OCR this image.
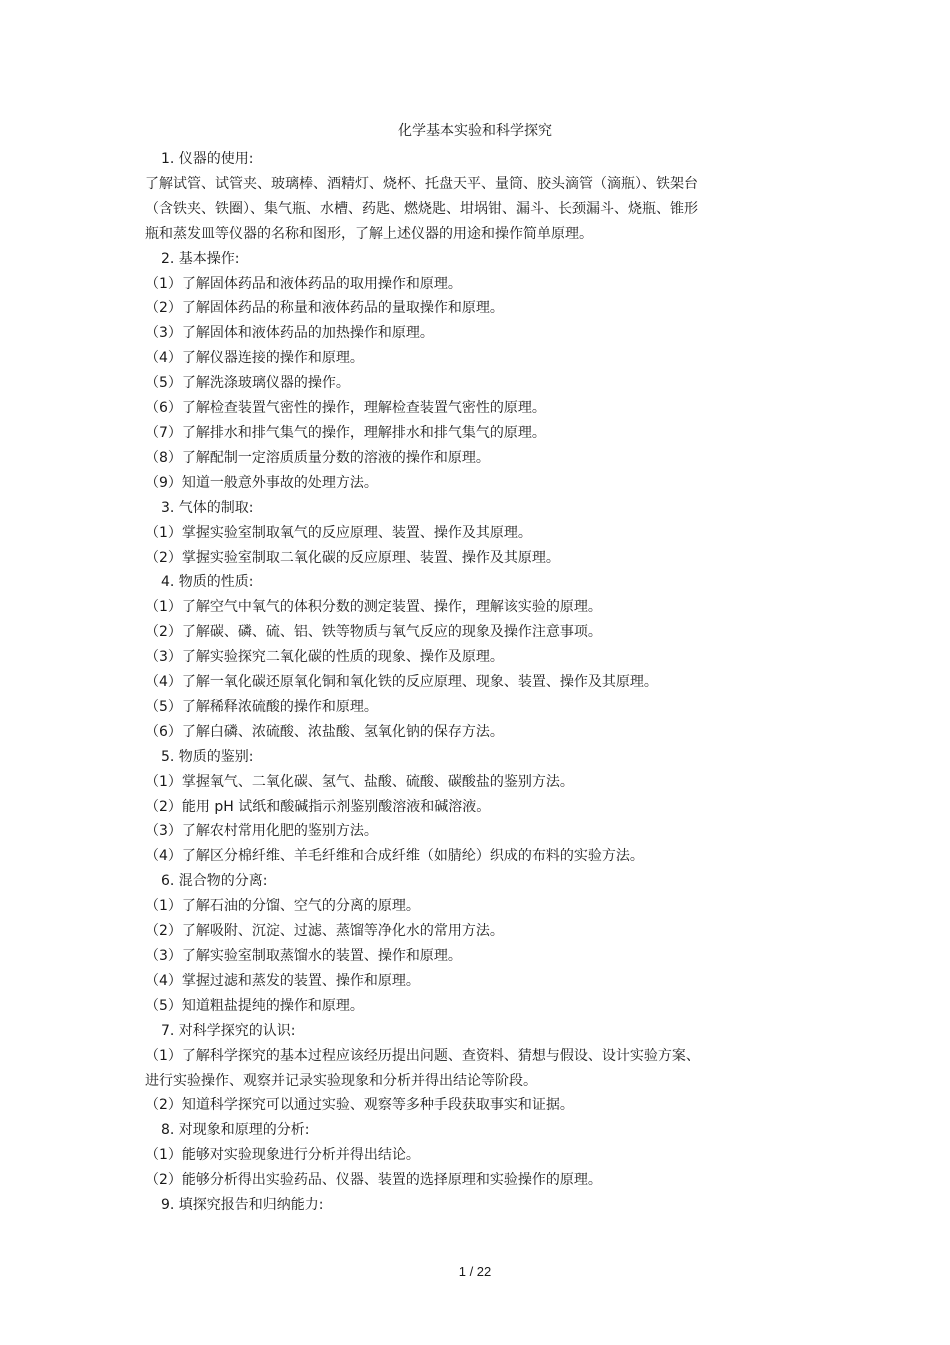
化学基本实验和科学探究
1. 仪器的使用:
了解试管、试管夹、玻璃棒、酒精灯、烧杯、托盘天平、量筒、胶头滴管（滴瓶）、铁架台
（含铁夹、铁圈）、集气瓶、水槽、药匙、燃烧匙、坩埚钳、漏斗、长颈漏斗、烧瓶、锥形
瓶和蒸发皿等仪器的名称和图形，了解上述仪器的用途和操作简单原理。
2. 基本操作:
（1）了解固体药品和液体药品的取用操作和原理。
（2）了解固体药品的称量和液体药品的量取操作和原理。
（3）了解固体和液体药品的加热操作和原理。
（4）了解仪器连接的操作和原理。
（5）了解洗涤玻璃仪器的操作。
（6）了解检查装置气密性的操作，理解检查装置气密性的原理。
（7）了解排水和排气集气的操作，理解排水和排气集气的原理。
（8）了解配制一定溶质质量分数的溶液的操作和原理。
（9）知道一般意外事故的处理方法。
3. 气体的制取:
（1）掌握实验室制取氧气的反应原理、装置、操作及其原理。
（2）掌握实验室制取二氧化碳的反应原理、装置、操作及其原理。
4. 物质的性质:
（1）了解空气中氧气的体积分数的测定装置、操作，理解该实验的原理。
（2）了解碳、磷、硫、铝、铁等物质与氧气反应的现象及操作注意事项。
（3）了解实验探究二氧化碳的性质的现象、操作及原理。
（4）了解一氧化碳还原氧化铜和氧化铁的反应原理、现象、装置、操作及其原理。
（5）了解稀释浓硫酸的操作和原理。
（6）了解白磷、浓硫酸、浓盐酸、氢氧化钠的保存方法。
5. 物质的鉴别:
（1）掌握氧气、二氧化碳、氢气、盐酸、硫酸、碳酸盐的鉴别方法。
（2）能用 pH 试纸和酸碱指示剂鉴别酸溶液和碱溶液。
（3）了解农村常用化肥的鉴别方法。
（4）了解区分棉纤维、羊毛纤维和合成纤维（如腈纶）织成的布料的实验方法。
6. 混合物的分离:
（1）了解石油的分馏、空气的分离的原理。
（2）了解吸附、沉淀、过滤、蒸馏等净化水的常用方法。
（3）了解实验室制取蒸馏水的装置、操作和原理。
（4）掌握过滤和蒸发的装置、操作和原理。
（5）知道粗盐提纯的操作和原理。
7. 对科学探究的认识:
（1）了解科学探究的基本过程应该经历提出问题、查资料、猜想与假设、设计实验方案、
进行实验操作、观察并记录实验现象和分析并得出结论等阶段。
（2）知道科学探究可以通过实验、观察等多种手段获取事实和证据。
8. 对现象和原理的分析:
（1）能够对实验现象进行分析并得出结论。
（2）能够分析得出实验药品、仪器、装置的选择原理和实验操作的原理。
9. 填探究报告和归纳能力:
1 / 22
